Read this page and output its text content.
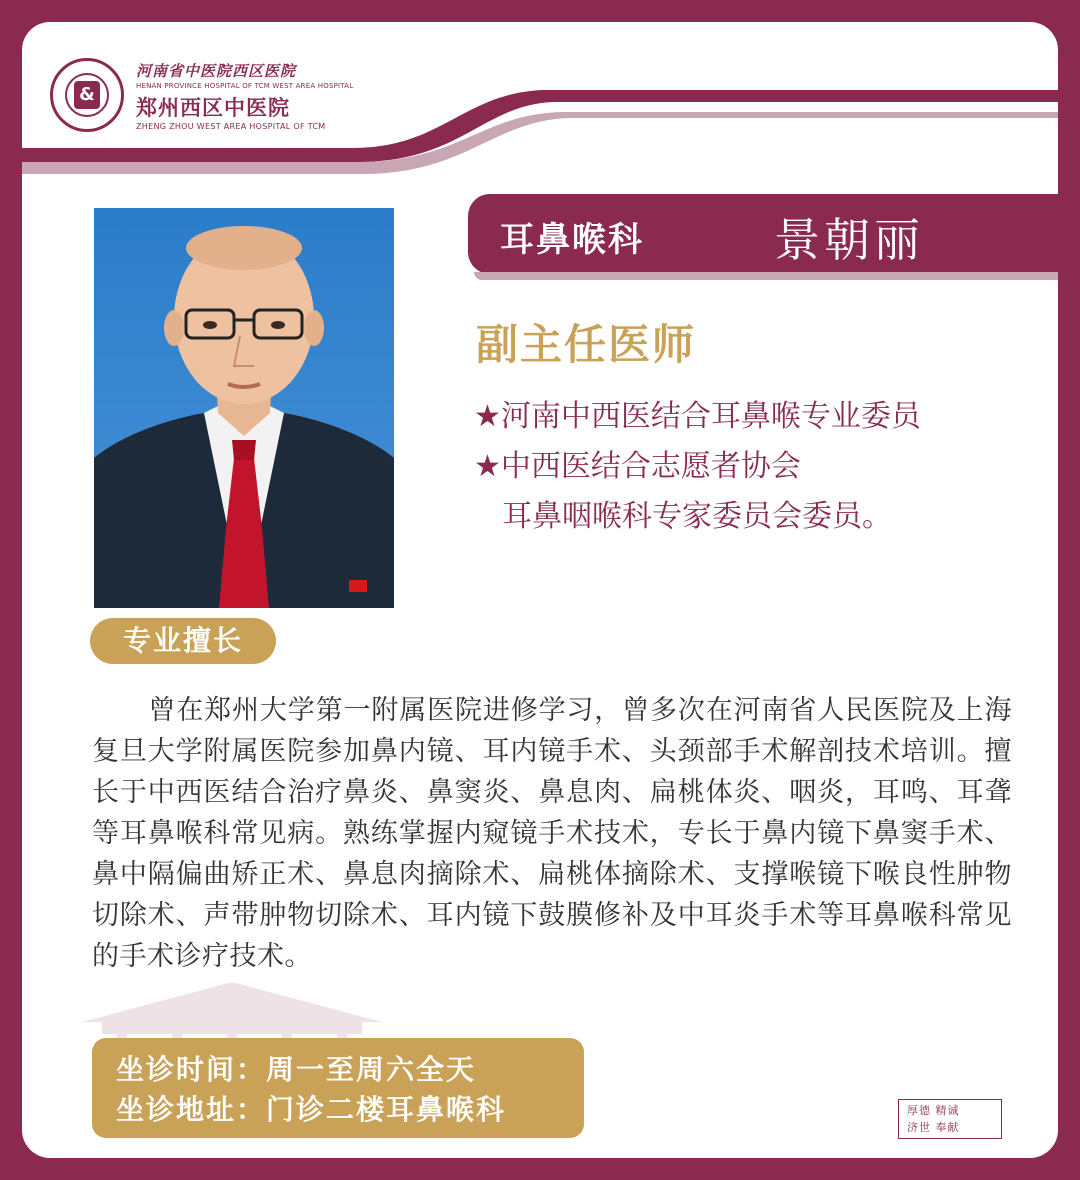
&
河南省中医院西区医院
HENAN PROVINCE HOSPITAL OF TCM WEST AREA HOSPITAL
郑州西区中医院
ZHENG ZHOU WEST AREA HOSPITAL OF TCM
耳鼻喉科	景朝丽
副主任医师
★河南中西医结合耳鼻喉专业委员
★中西医结合志愿者协会
耳鼻咽喉科专家委员会委员。
专业擅长
曾在郑州大学第一附属医院进修学习，曾多次在河南省人民医院及上海复旦大学附属医院参加鼻内镜、耳内镜手术、头颈部手术解剖技术培训。擅长于中西医结合治疗鼻炎、鼻窦炎、鼻息肉、扁桃体炎、咽炎，耳鸣、耳聋等耳鼻喉科常见病。熟练掌握内窥镜手术技术，专长于鼻内镜下鼻窦手术、鼻中隔偏曲矫正术、鼻息肉摘除术、扁桃体摘除术、支撑喉镜下喉良性肿物切除术、声带肿物切除术、耳内镜下鼓膜修补及中耳炎手术等耳鼻喉科常见的手术诊疗技术。
坐诊时间：周一至周六全天
坐诊地址：门诊二楼耳鼻喉科	厚德 精诚
济世 奉献
